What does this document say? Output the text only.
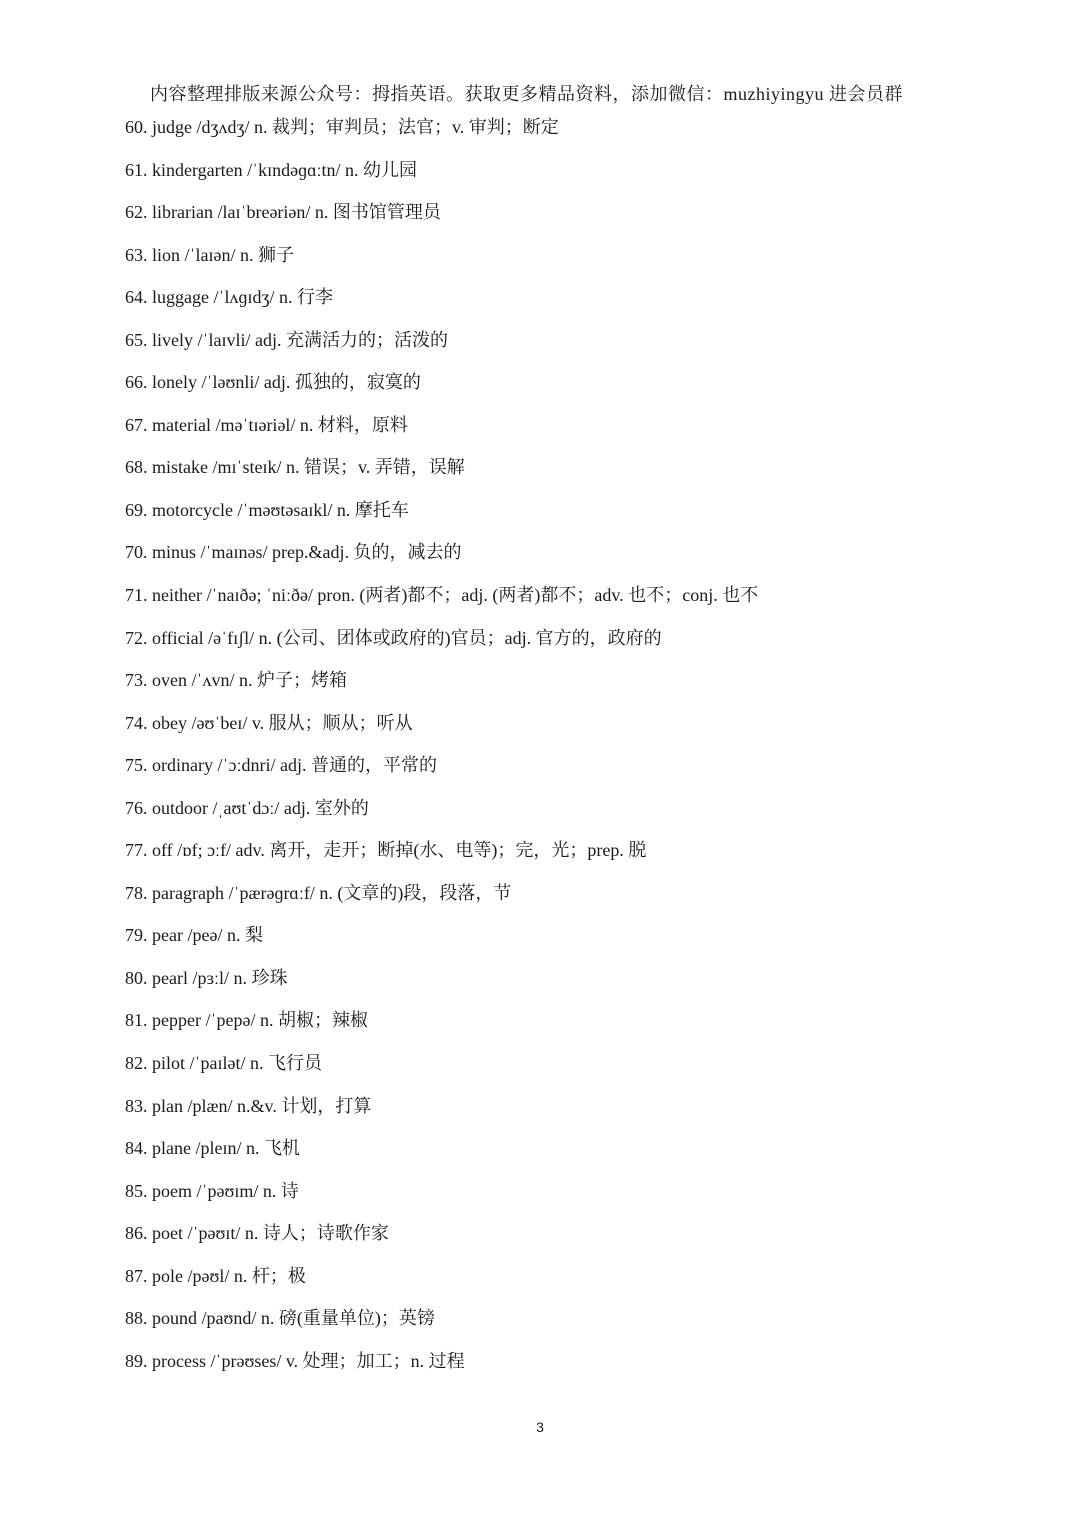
内容整理排版来源公众号：拇指英语。获取更多精品资料，添加微信：muzhiyingyu 进会员群
60. judge /dʒʌdʒ/ n. 裁判；审判员；法官；v. 审判；断定
61. kindergarten /ˈkɪndəɡɑːtn/ n. 幼儿园
62. librarian /laɪˈbreəriən/ n. 图书馆管理员
63. lion /ˈlaɪən/ n. 狮子
64. luggage /ˈlʌɡɪdʒ/ n. 行李
65. lively /ˈlaɪvli/ adj. 充满活力的；活泼的
66. lonely /ˈləʊnli/ adj. 孤独的，寂寞的
67. material /məˈtɪəriəl/ n. 材料，原料
68. mistake /mɪˈsteɪk/ n. 错误；v. 弄错，误解
69. motorcycle /ˈməʊtəsaɪkl/ n. 摩托车
70. minus /ˈmaɪnəs/ prep.&adj. 负的，减去的
71. neither /ˈnaɪðə; ˈniːðə/ pron. (两者)都不；adj. (两者)都不；adv. 也不；conj. 也不
72. official /əˈfɪʃl/ n. (公司、团体或政府的)官员；adj. 官方的，政府的
73. oven /ˈʌvn/ n. 炉子；烤箱
74. obey /əʊˈbeɪ/ v. 服从；顺从；听从
75. ordinary /ˈɔːdnri/ adj. 普通的，平常的
76. outdoor /ˌaʊtˈdɔː/ adj. 室外的
77. off /ɒf; ɔːf/ adv. 离开，走开；断掉(水、电等)；完，光；prep. 脱
78. paragraph /ˈpærəɡrɑːf/ n. (文章的)段，段落，节
79. pear /peə/ n. 梨
80. pearl /pɜːl/ n. 珍珠
81. pepper /ˈpepə/ n. 胡椒；辣椒
82. pilot /ˈpaɪlət/ n. 飞行员
83. plan /plæn/ n.&v. 计划，打算
84. plane /pleɪn/ n. 飞机
85. poem /ˈpəʊɪm/ n. 诗
86. poet /ˈpəʊɪt/ n. 诗人；诗歌作家
87. pole /pəʊl/ n. 杆；极
88. pound /paʊnd/ n. 磅(重量单位)；英镑
89. process /ˈprəʊses/ v. 处理；加工；n. 过程
3
